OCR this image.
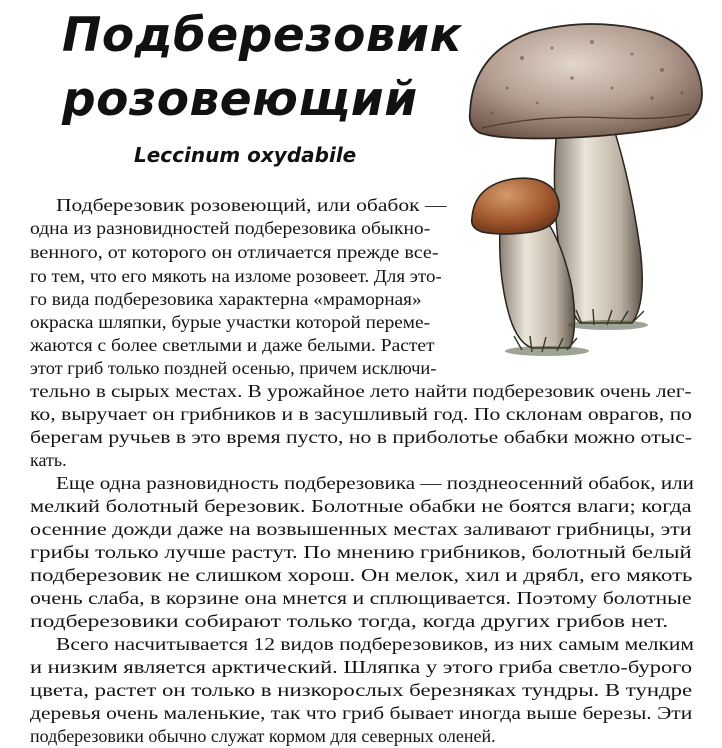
Подберезовик
розовеющий
Leccinum oxydabile
Подберезовик розовеющий, или обабок —
одна из разновидностей подберезовика обыкно-
венного, от которого он отличается прежде все-
го тем, что его мякоть на изломе розовеет. Для это-
го вида подберезовика характерна «мраморная»
окраска шляпки, бурые участки которой переме-
жаются с более светлыми и даже белыми. Растет
этот гриб только поздней осенью, причем исключи-
тельно в сырых местах. В урожайное лето найти подберезовик очень лег-
ко, выручает он грибников и в засушливый год. По склонам оврагов, по
берегам ручьев в это время пусто, но в приболотье обабки можно отыс-
кать.
Еще одна разновидность подберезовика — позднеосенний обабок, или
мелкий болотный березовик. Болотные обабки не боятся влаги; когда
осенние дожди даже на возвышенных местах заливают грибницы, эти
грибы только лучше растут. По мнению грибников, болотный белый
подберезовик не слишком хорош. Он мелок, хил и дрябл, его мякоть
очень слаба, в корзине она мнется и сплющивается. Поэтому болотные
подберезовики собирают только тогда, когда других грибов нет.
Всего насчитывается 12 видов подберезовиков, из них самым мелким
и низким является арктический. Шляпка у этого гриба светло-бурого
цвета, растет он только в низкорослых березняках тундры. В тундре
деревья очень маленькие, так что гриб бывает иногда выше березы. Эти
подберезовики обычно служат кормом для северных оленей.
